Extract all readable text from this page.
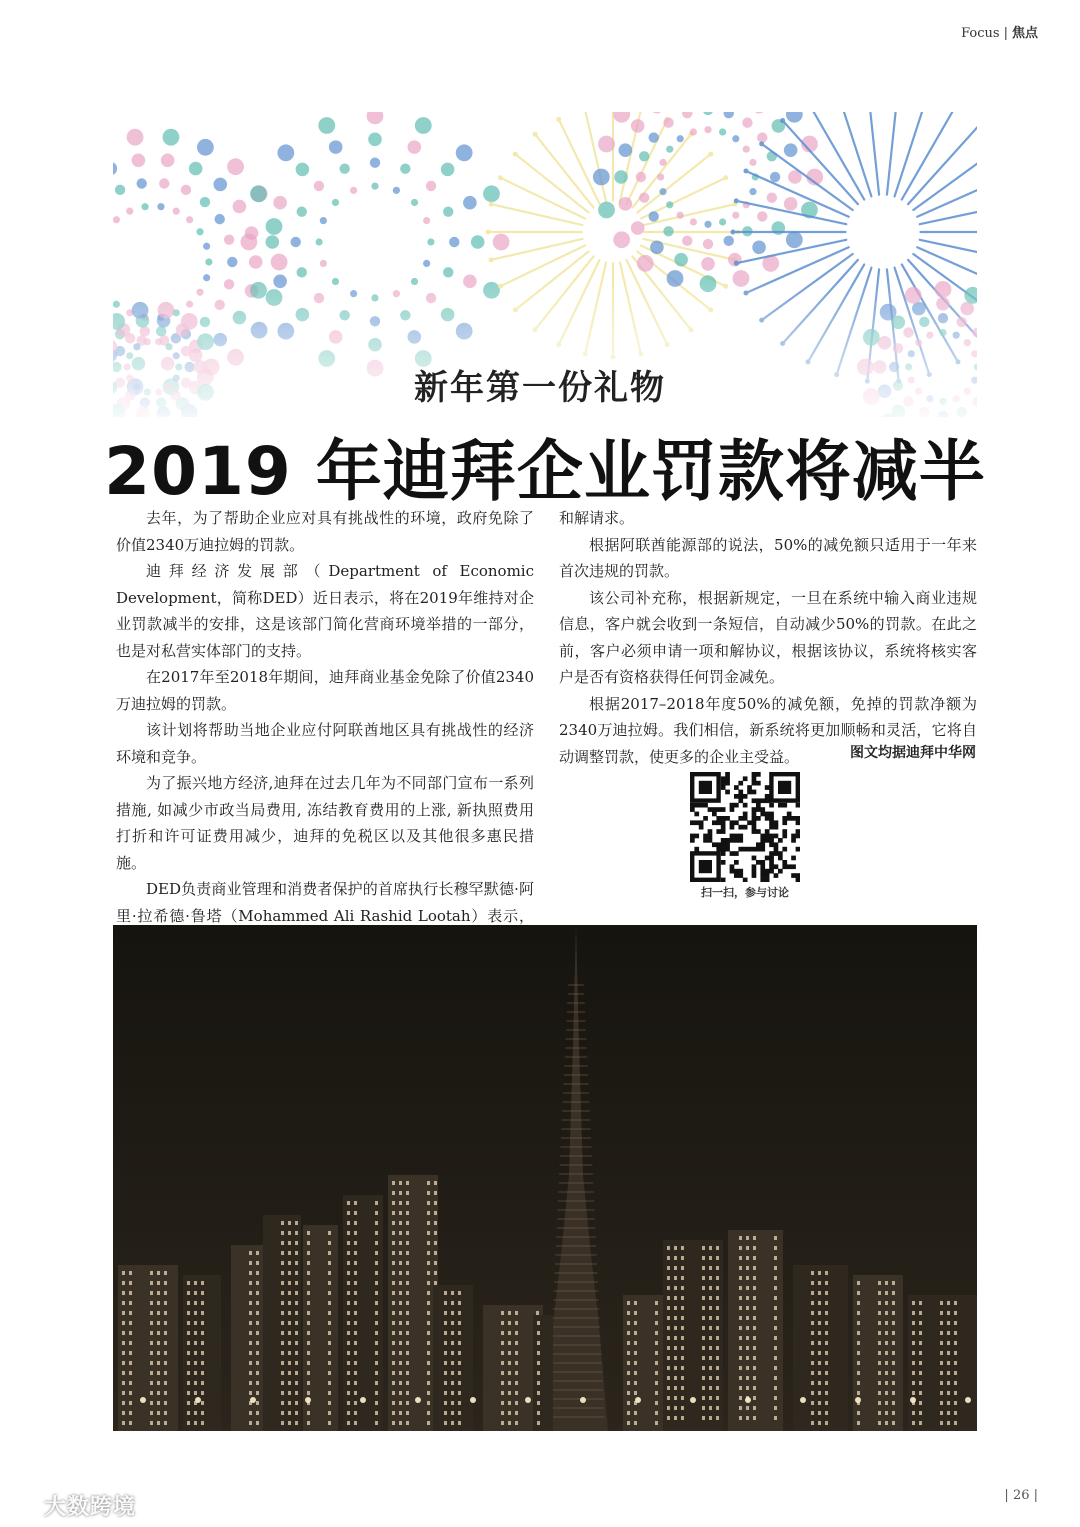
Focus | 焦点
新年第一份礼物
2019 年迪拜企业罚款将减半

去年，为了帮助企业应对具有挑战性的环境，政府免除了价值2340万迪拉姆的罚款。

迪拜经济发展部（Department of Economic Development，简称DED）近日表示，将在2019年维持对企业罚款减半的安排，这是该部门简化营商环境举措的一部分，也是对私营实体部门的支持。

在2017年至2018年期间，迪拜商业基金免除了价值2340万迪拉姆的罚款。

该计划将帮助当地企业应付阿联酋地区具有挑战性的经济环境和竞争。

为了振兴地方经济,迪拜在过去几年为不同部门宣布一系列措施, 如减少市政当局费用, 冻结教育费用的上涨, 新执照费用打折和许可证费用减少，迪拜的免税区以及其他很多惠民措施。

DED负责商业管理和消费者保护的首席执行长穆罕默德·阿里·拉希德·鲁塔（Mohammed Ali Rashid Lootah）表示，

和解请求。

根据阿联酋能源部的说法，50%的减免额只适用于一年来首次违规的罚款。

该公司补充称，根据新规定，一旦在系统中输入商业违规信息，客户就会收到一条短信，自动减少50%的罚款。在此之前，客户必须申请一项和解协议，根据该协议，系统将核实客户是否有资格获得任何罚金减免。

根据2017–2018年度50%的减免额，免掉的罚款净额为2340万迪拉姆。我们相信，新系统将更加顺畅和灵活，它将自动调整罚款，使更多的企业主受益。	图文均据迪拜中华网
扫一扫，参与讨论
| 26 |
大数跨境
